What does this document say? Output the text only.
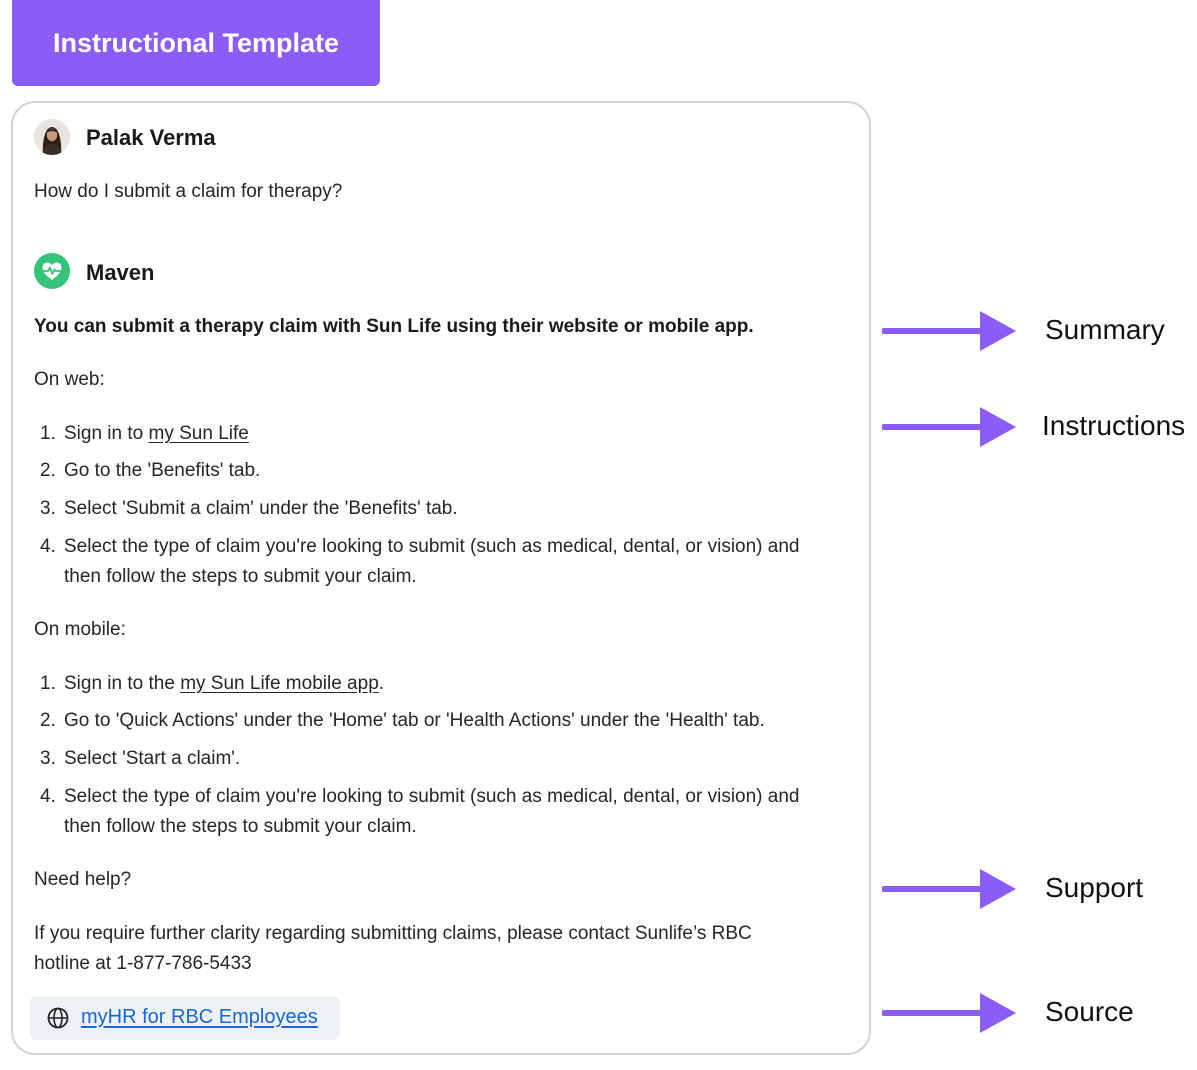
Instructional Template
Palak Verma
How do I submit a claim for therapy?
Maven
You can submit a therapy claim with Sun Life using their website or mobile app.
On web:
1. Sign in to my Sun Life
2. Go to the 'Benefits' tab.
3. Select 'Submit a claim' under the 'Benefits' tab.
4. Select the type of claim you're looking to submit (such as medical, dental, or vision) and
then follow the steps to submit your claim.
On mobile:
1. Sign in to the my Sun Life mobile app.
2. Go to 'Quick Actions' under the 'Home' tab or 'Health Actions' under the 'Health' tab.
3. Select 'Start a claim'.
4. Select the type of claim you're looking to submit (such as medical, dental, or vision) and
then follow the steps to submit your claim.
Need help?
If you require further clarity regarding submitting claims, please contact Sunlife’s RBC
hotline at 1-877-786-5433
myHR for RBC Employees
Summary
Instructions
Support
Source
